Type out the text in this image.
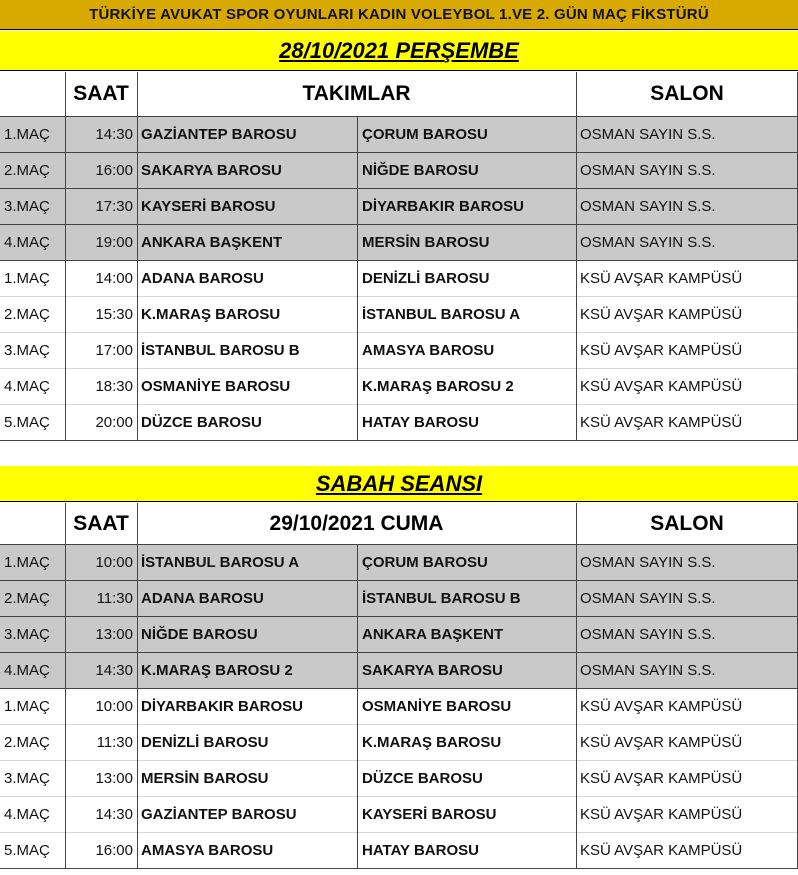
TÜRKİYE AVUKAT SPOR OYUNLARI KADIN VOLEYBOL 1.VE 2. GÜN MAÇ FİKSTÜRÜ
28/10/2021 PERŞEMBE
SAAT	TAKIMLAR	SALON
1.MAÇ	14:30 GAZİANTEP BAROSU	ÇORUM BAROSU	OSMAN SAYIN S.S.
2.MAÇ	16:00 SAKARYA BAROSU	NİĞDE BAROSU	OSMAN SAYIN S.S.
3.MAÇ	17:30 KAYSERİ BAROSU	DİYARBAKIR BAROSU	OSMAN SAYIN S.S.
4.MAÇ	19:00 ANKARA BAŞKENT	MERSİN BAROSU	OSMAN SAYIN S.S.
1.MAÇ	14:00 ADANA BAROSU	DENİZLİ BAROSU	KSÜ AVŞAR KAMPÜSÜ
2.MAÇ	15:30 K.MARAŞ BAROSU	İSTANBUL BAROSU A	KSÜ AVŞAR KAMPÜSÜ
3.MAÇ	17:00 İSTANBUL BAROSU B	AMASYA BAROSU	KSÜ AVŞAR KAMPÜSÜ
4.MAÇ	18:30 OSMANİYE BAROSU	K.MARAŞ BAROSU 2	KSÜ AVŞAR KAMPÜSÜ
5.MAÇ	20:00 DÜZCE BAROSU	HATAY BAROSU	KSÜ AVŞAR KAMPÜSÜ
SABAH SEANSI
SAAT	29/10/2021 CUMA	SALON
1.MAÇ	10:00 İSTANBUL BAROSU A	ÇORUM BAROSU	OSMAN SAYIN S.S.
2.MAÇ	11:30 ADANA BAROSU	İSTANBUL BAROSU B	OSMAN SAYIN S.S.
3.MAÇ	13:00 NİĞDE BAROSU	ANKARA BAŞKENT	OSMAN SAYIN S.S.
4.MAÇ	14:30 K.MARAŞ BAROSU 2	SAKARYA BAROSU	OSMAN SAYIN S.S.
1.MAÇ	10:00 DİYARBAKIR BAROSU	OSMANİYE BAROSU	KSÜ AVŞAR KAMPÜSÜ
2.MAÇ	11:30 DENİZLİ BAROSU	K.MARAŞ BAROSU	KSÜ AVŞAR KAMPÜSÜ
3.MAÇ	13:00 MERSİN BAROSU	DÜZCE BAROSU	KSÜ AVŞAR KAMPÜSÜ
4.MAÇ	14:30 GAZİANTEP BAROSU	KAYSERİ BAROSU	KSÜ AVŞAR KAMPÜSÜ
5.MAÇ	16:00 AMASYA BAROSU	HATAY BAROSU	KSÜ AVŞAR KAMPÜSÜ
